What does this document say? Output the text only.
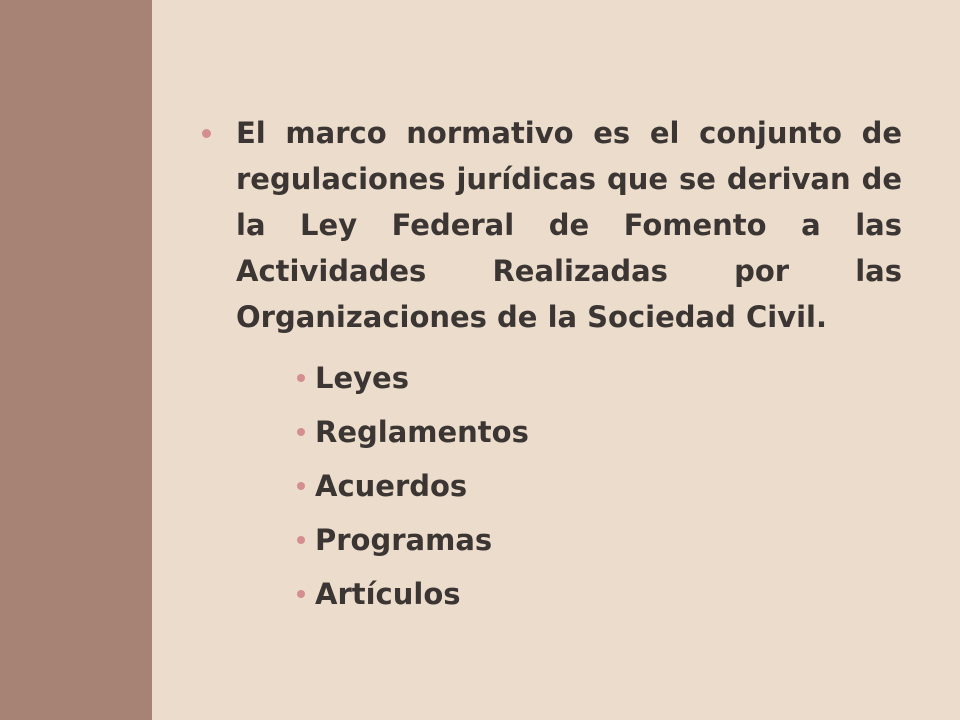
El marco normativo es el conjunto de regulaciones jurídicas que se derivan de la Ley Federal de Fomento a las Actividades Realizadas por las Organizaciones de la Sociedad Civil.

Leyes
Reglamentos
Acuerdos
Programas
Artículos
